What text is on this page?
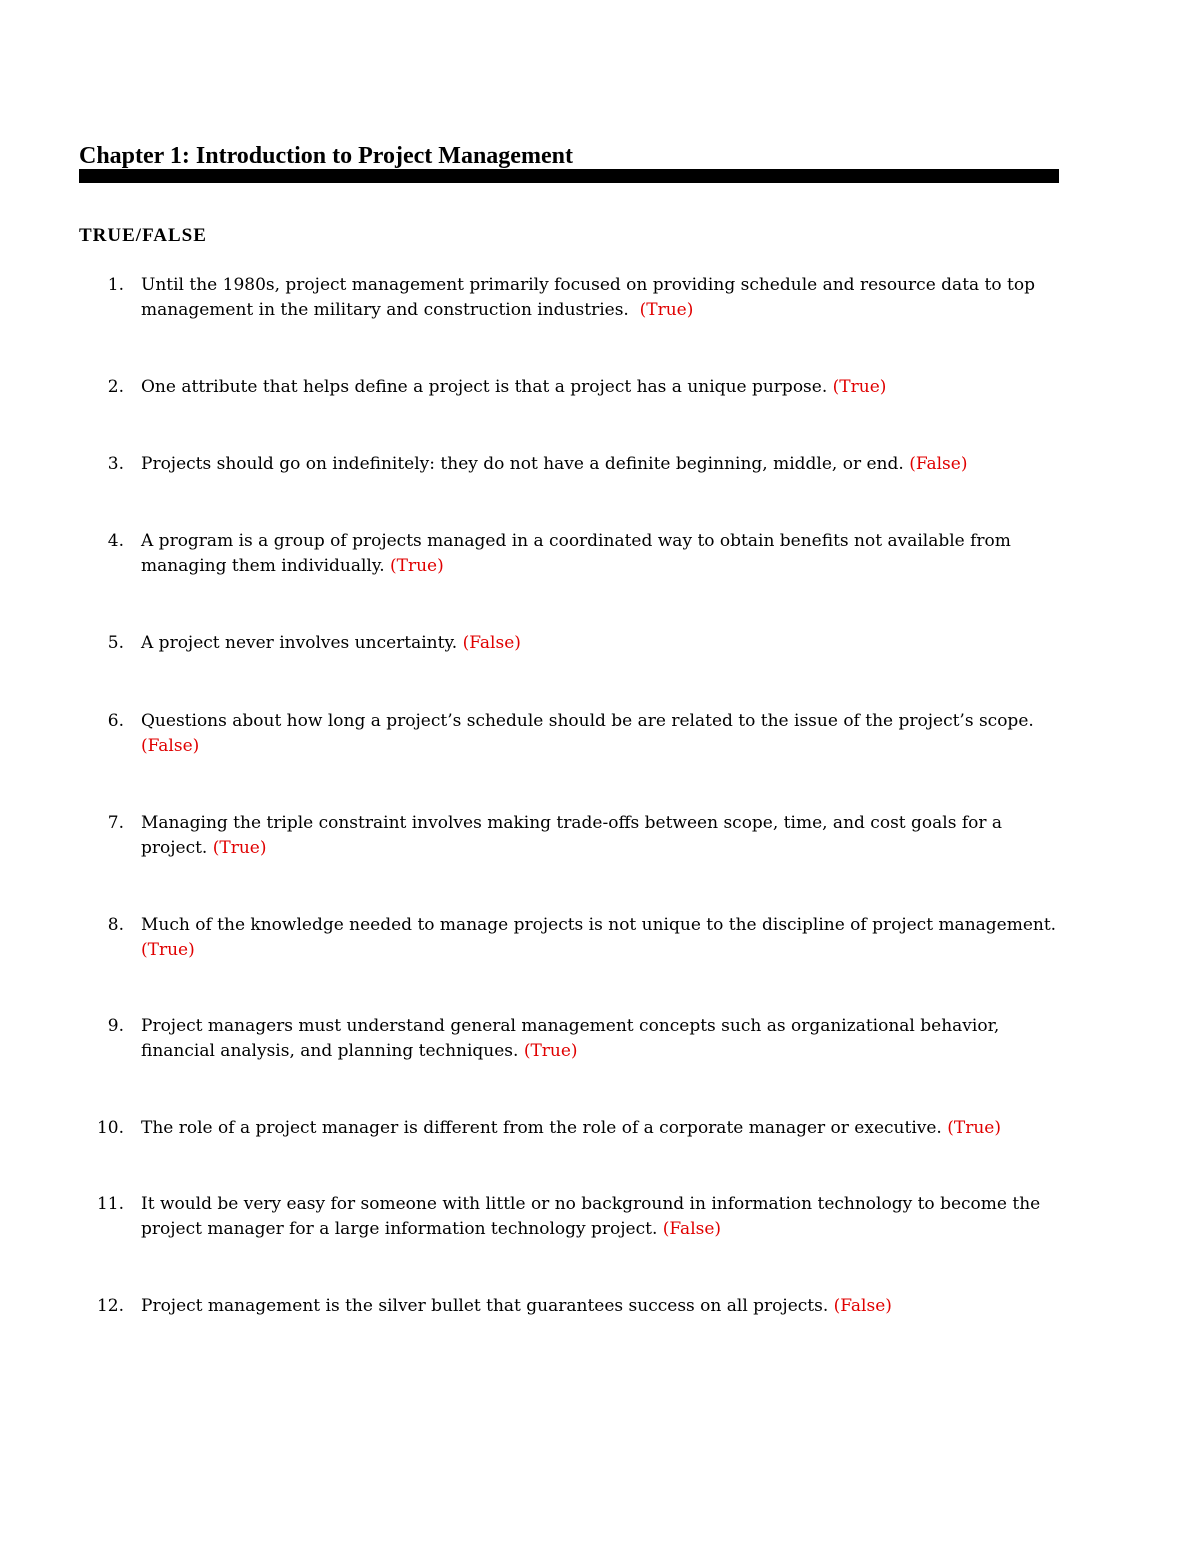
Chapter 1: Introduction to Project Management
TRUE/FALSE
1. Until the 1980s, project management primarily focused on providing schedule and resource data to top management in the military and construction industries. (True)

2. One attribute that helps define a project is that a project has a unique purpose. (True)

3. Projects should go on indefinitely: they do not have a definite beginning, middle, or end. (False)

4. A program is a group of projects managed in a coordinated way to obtain benefits not available from managing them individually. (True)

5. A project never involves uncertainty. (False)

6. Questions about how long a project’s schedule should be are related to the issue of the project’s scope. (False)

7. Managing the triple constraint involves making trade-offs between scope, time, and cost goals for a project. (True)

8. Much of the knowledge needed to manage projects is not unique to the discipline of project management. (True)

9. Project managers must understand general management concepts such as organizational behavior, financial analysis, and planning techniques. (True)

10. The role of a project manager is different from the role of a corporate manager or executive. (True)

11. It would be very easy for someone with little or no background in information technology to become the project manager for a large information technology project. (False)

12. Project management is the silver bullet that guarantees success on all projects. (False)
